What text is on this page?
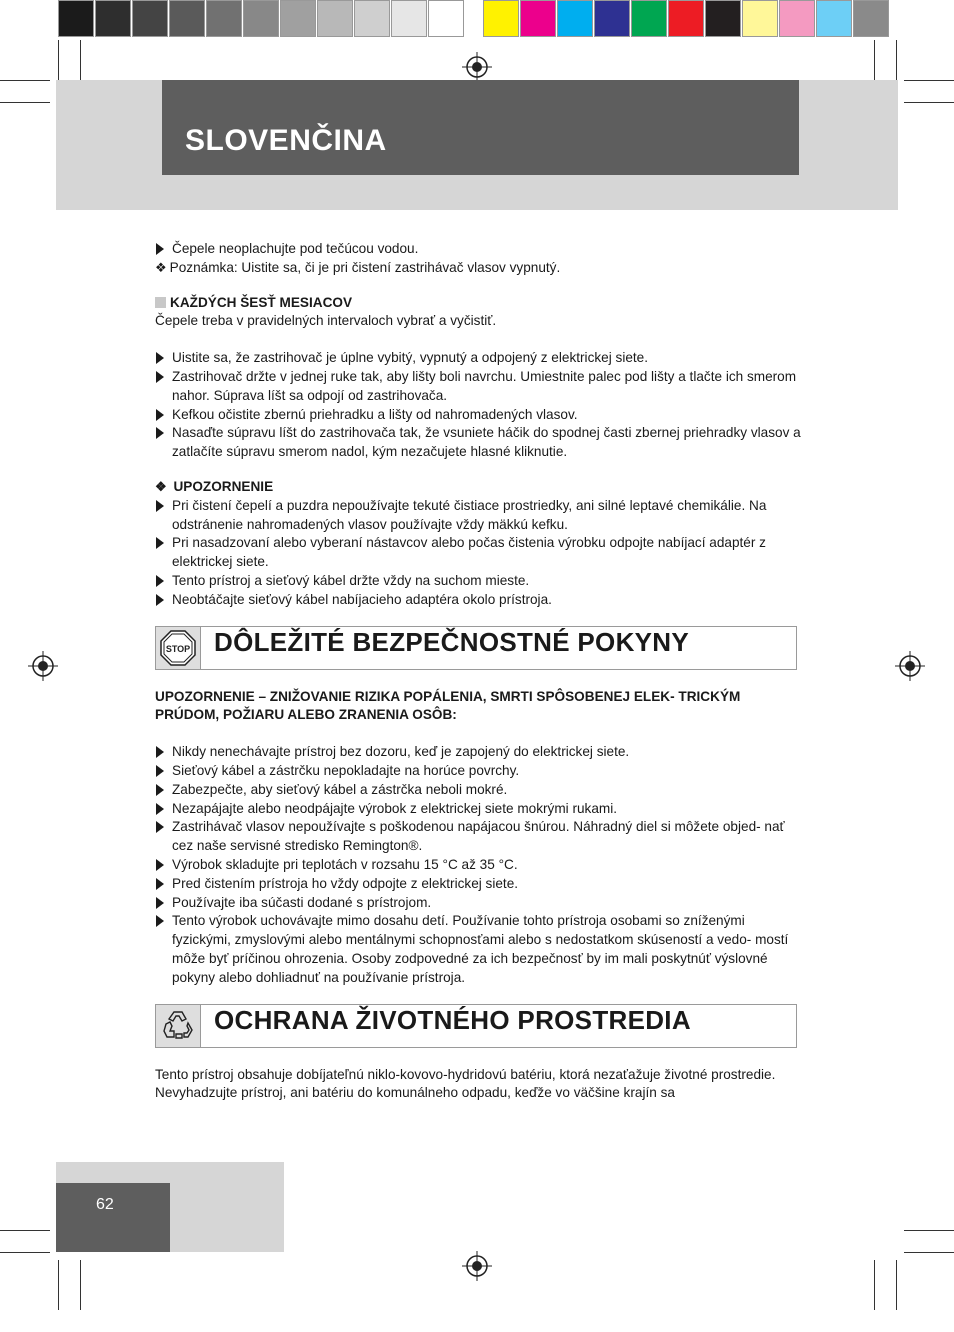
SLOVENČINA

Čepele neoplachujte pod tečúcou vodou.

❖ Poznámka: Uistite sa, či je pri čistení zastrihávač vlasov vypnutý.

KAŽDÝCH ŠESŤ MESIACOV

Čepele treba v pravidelných intervaloch vybrať a vyčistiť.

Uistite sa, že zastrihovač je úplne vybitý, vypnutý a odpojený z elektrickej siete.

Zastrihovač držte v jednej ruke tak, aby lišty boli navrchu. Umiestnite palec pod lišty a tlačte ich smerom nahor. Súprava líšt sa odpojí od zastrihovača.

Kefkou očistite zbernú priehradku a lišty od nahromadených vlasov.

Nasaďte súpravu líšt do zastrihovača tak, že vsuniete háčik do spodnej časti zbernej priehradky vlasov a zatlačíte súpravu smerom nadol, kým nezačujete hlasné kliknutie.

❖ UPOZORNENIE

Pri čistení čepelí a puzdra nepoužívajte tekuté čistiace prostriedky, ani silné leptavé chemikálie. Na odstránenie nahromadených vlasov používajte vždy mäkkú kefku.

Pri nasadzovaní alebo vyberaní nástavcov alebo počas čistenia výrobku odpojte nabíjací adaptér z elektrickej siete.

Tento prístroj a sieťový kábel držte vždy na suchom mieste.

Neobtáčajte sieťový kábel nabíjacieho adaptéra okolo prístroja.

STOP DÔLEŽITÉ BEZPEČNOSTNÉ POKYNY

UPOZORNENIE – ZNIŽOVANIE RIZIKA POPÁLENIA, SMRTI SPÔSOBENEJ ELEK- TRICKÝM PRÚDOM, POŽIARU ALEBO ZRANENIA OSÔB:

Nikdy nenechávajte prístroj bez dozoru, keď je zapojený do elektrickej siete.

Sieťový kábel a zástrčku nepokladajte na horúce povrchy.

Zabezpečte, aby sieťový kábel a zástrčka neboli mokré.

Nezapájajte alebo neodpájajte výrobok z elektrickej siete mokrými rukami.

Zastrihávač vlasov nepoužívajte s poškodenou napájacou šnúrou. Náhradný diel si môžete objed- nať cez naše servisné stredisko Remington®.

Výrobok skladujte pri teplotách v rozsahu 15 °C až 35 °C.

Pred čistením prístroja ho vždy odpojte z elektrickej siete.

Používajte iba súčasti dodané s prístrojom.

Tento výrobok uchovávajte mimo dosahu detí. Používanie tohto prístroja osobami so zníženými fyzickými, zmyslovými alebo mentálnymi schopnosťami alebo s nedostatkom skúseností a vedo- mostí môže byť príčinou ohrozenia. Osoby zodpovedné za ich bezpečnosť by im mali poskytnúť výslovné pokyny alebo dohliadnuť na používanie prístroja.

OCHRANA ŽIVOTNÉHO PROSTREDIA

Tento prístroj obsahuje dobíjateľnú niklo-kovovo-hydridovú batériu, ktorá nezaťažuje životné prostredie. Nevyhadzujte prístroj, ani batériu do komunálneho odpadu, keďže vo väčšine krajín sa

62
